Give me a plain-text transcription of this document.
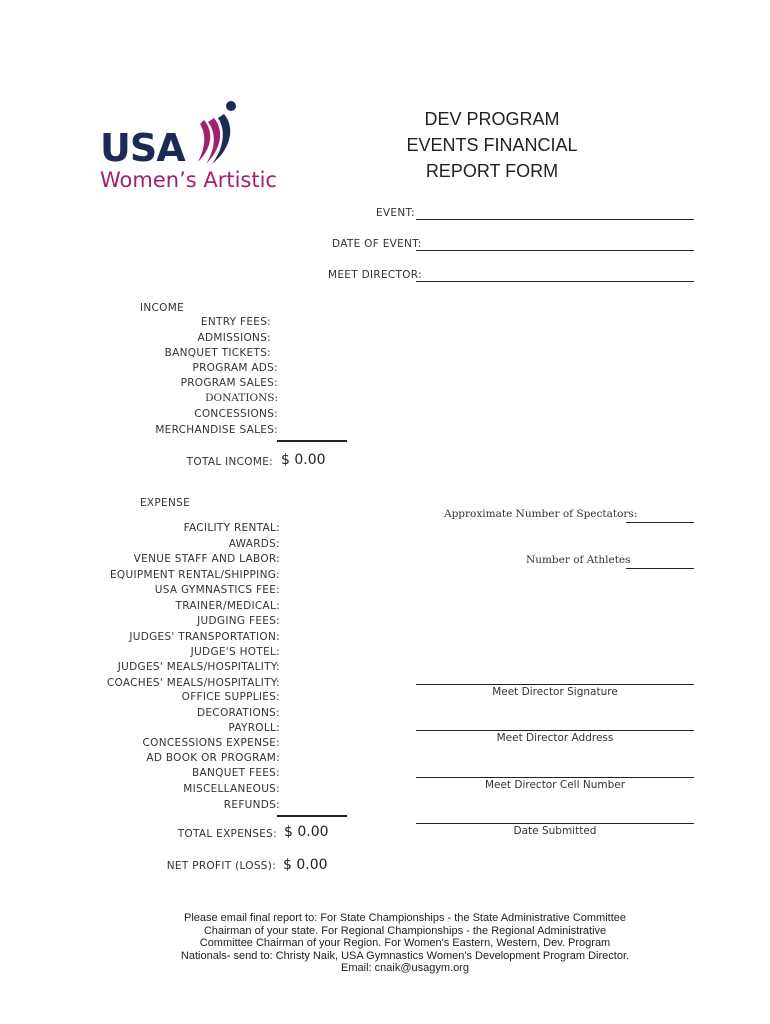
USA
Women’s Artistic
DEV PROGRAM
EVENTS FINANCIAL
REPORT FORM
EVENT:
DATE OF EVENT:
MEET DIRECTOR:
INCOME
ENTRY FEES:
ADMISSIONS:
BANQUET TICKETS:
PROGRAM ADS:
PROGRAM SALES:
DONATIONS:
CONCESSIONS:
MERCHANDISE SALES:
TOTAL INCOME: $ 0.00
EXPENSE
FACILITY RENTAL:
AWARDS:
VENUE STAFF AND LABOR:
EQUIPMENT RENTAL/SHIPPING:
USA GYMNASTICS FEE:
TRAINER/MEDICAL:
JUDGING FEES:
JUDGES' TRANSPORTATION:
JUDGE'S HOTEL:
JUDGES' MEALS/HOSPITALITY:
COACHES' MEALS/HOSPITALITY:
OFFICE SUPPLIES:
DECORATIONS:
PAYROLL:
CONCESSIONS EXPENSE:
AD BOOK OR PROGRAM:
BANQUET FEES:
MISCELLANEOUS:
REFUNDS:
TOTAL EXPENSES: $ 0.00
NET PROFIT (LOSS): $ 0.00
Approximate Number of Spectators:
Number of Athletes
Meet Director Signature
Meet Director Address
Meet Director Cell Number
Date Submitted
Please email final report to: For State Championships - the State Administrative Committee
Chairman of your state. For Regional Championships - the Regional Administrative
Committee Chairman of your Region. For Women's Eastern, Western, Dev. Program
Nationals- send to: Christy Naik, USA Gymnastics Women's Development Program Director.
Email: cnaik@usagym.org
